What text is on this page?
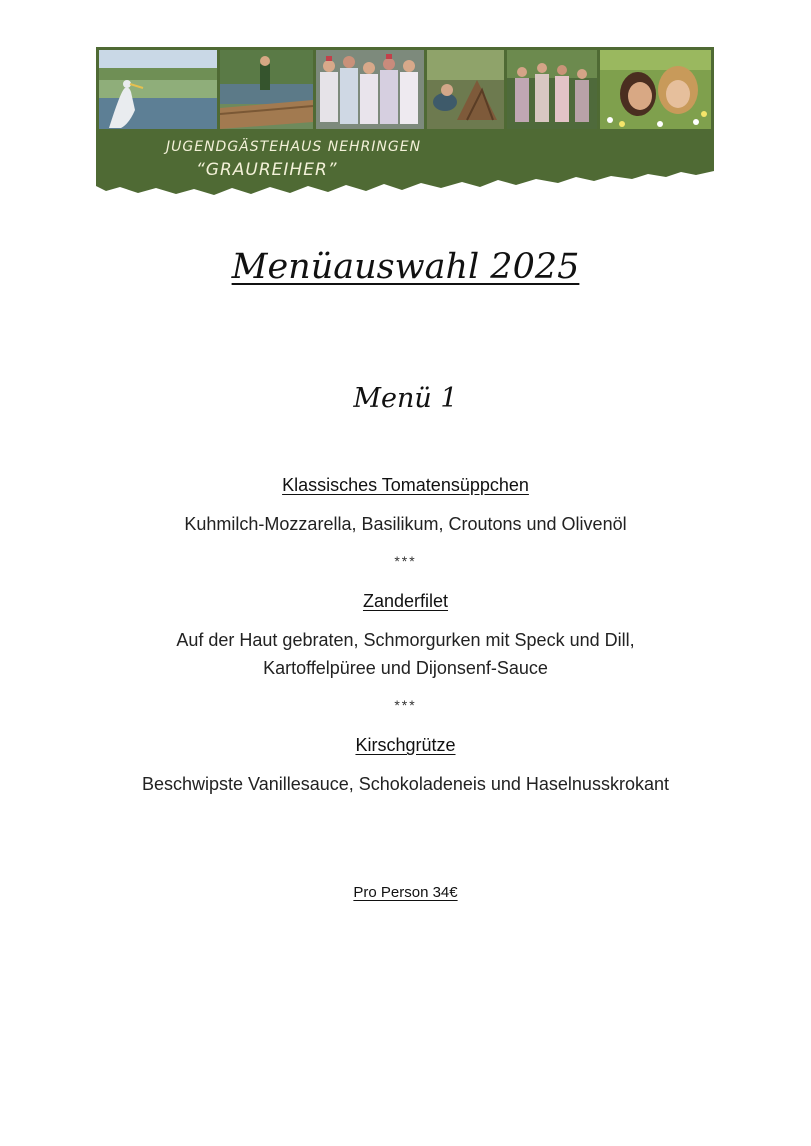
JUGENDGÄSTEHAUS NEHRINGEN
“GRAUREIHER”
Menüauswahl 2025
Menü 1
Klassisches Tomatensüppchen
Kuhmilch-Mozzarella, Basilikum, Croutons und Olivenöl
***
Zanderfilet
Auf der Haut gebraten, Schmorgurken mit Speck und Dill,
Kartoffelpüree und Dijonsenf-Sauce
***
Kirschgrütze
Beschwipste Vanillesauce, Schokoladeneis und Haselnusskrokant
Pro Person 34€
